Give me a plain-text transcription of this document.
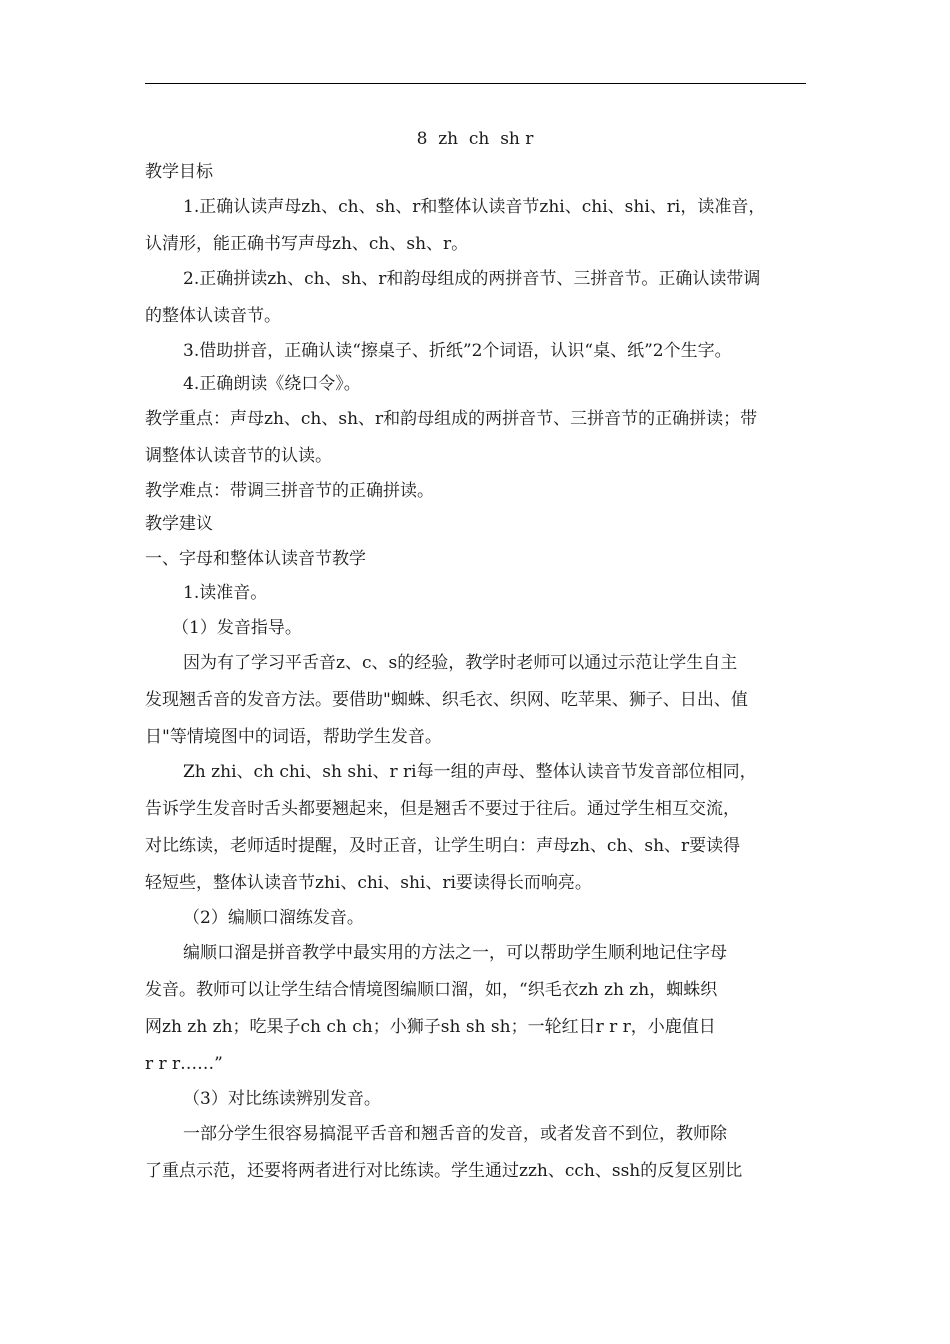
8  zh  ch  sh r
教学目标
1.正确认读声母zh、ch、sh、r和整体认读音节zhi、chi、shi、ri，读准音，
认清形，能正确书写声母zh、ch、sh、r。
2.正确拼读zh、ch、sh、r和韵母组成的两拼音节、三拼音节。正确认读带调
的整体认读音节。
3.借助拼音，正确认读“擦桌子、折纸”2个词语，认识“桌、纸”2个生字。
4.正确朗读《绕口令》。
教学重点：声母zh、ch、sh、r和韵母组成的两拼音节、三拼音节的正确拼读；带
调整体认读音节的认读。
教学难点：带调三拼音节的正确拼读。
教学建议
一、字母和整体认读音节教学
1.读准音。
（1）发音指导。
因为有了学习平舌音z、c、s的经验，教学时老师可以通过示范让学生自主
发现翘舌音的发音方法。要借助"蜘蛛、织毛衣、织网、吃苹果、狮子、日出、值
日"等情境图中的词语，帮助学生发音。
Zh zhi、ch chi、sh shi、r ri每一组的声母、整体认读音节发音部位相同，
告诉学生发音时舌头都要翘起来，但是翘舌不要过于往后。通过学生相互交流，
对比练读，老师适时提醒，及时正音，让学生明白：声母zh、ch、sh、r要读得
轻短些，整体认读音节zhi、chi、shi、ri要读得长而响亮。
（2）编顺口溜练发音。
编顺口溜是拼音教学中最实用的方法之一，可以帮助学生顺利地记住字母
发音。教师可以让学生结合情境图编顺口溜，如，“织毛衣zh zh zh，蜘蛛织
网zh zh zh；吃果子ch ch ch；小狮子sh sh sh；一轮红日r r r，小鹿值日
r r r……”
（3）对比练读辨别发音。
一部分学生很容易搞混平舌音和翘舌音的发音，或者发音不到位，教师除
了重点示范，还要将两者进行对比练读。学生通过zzh、cch、ssh的反复区别比
